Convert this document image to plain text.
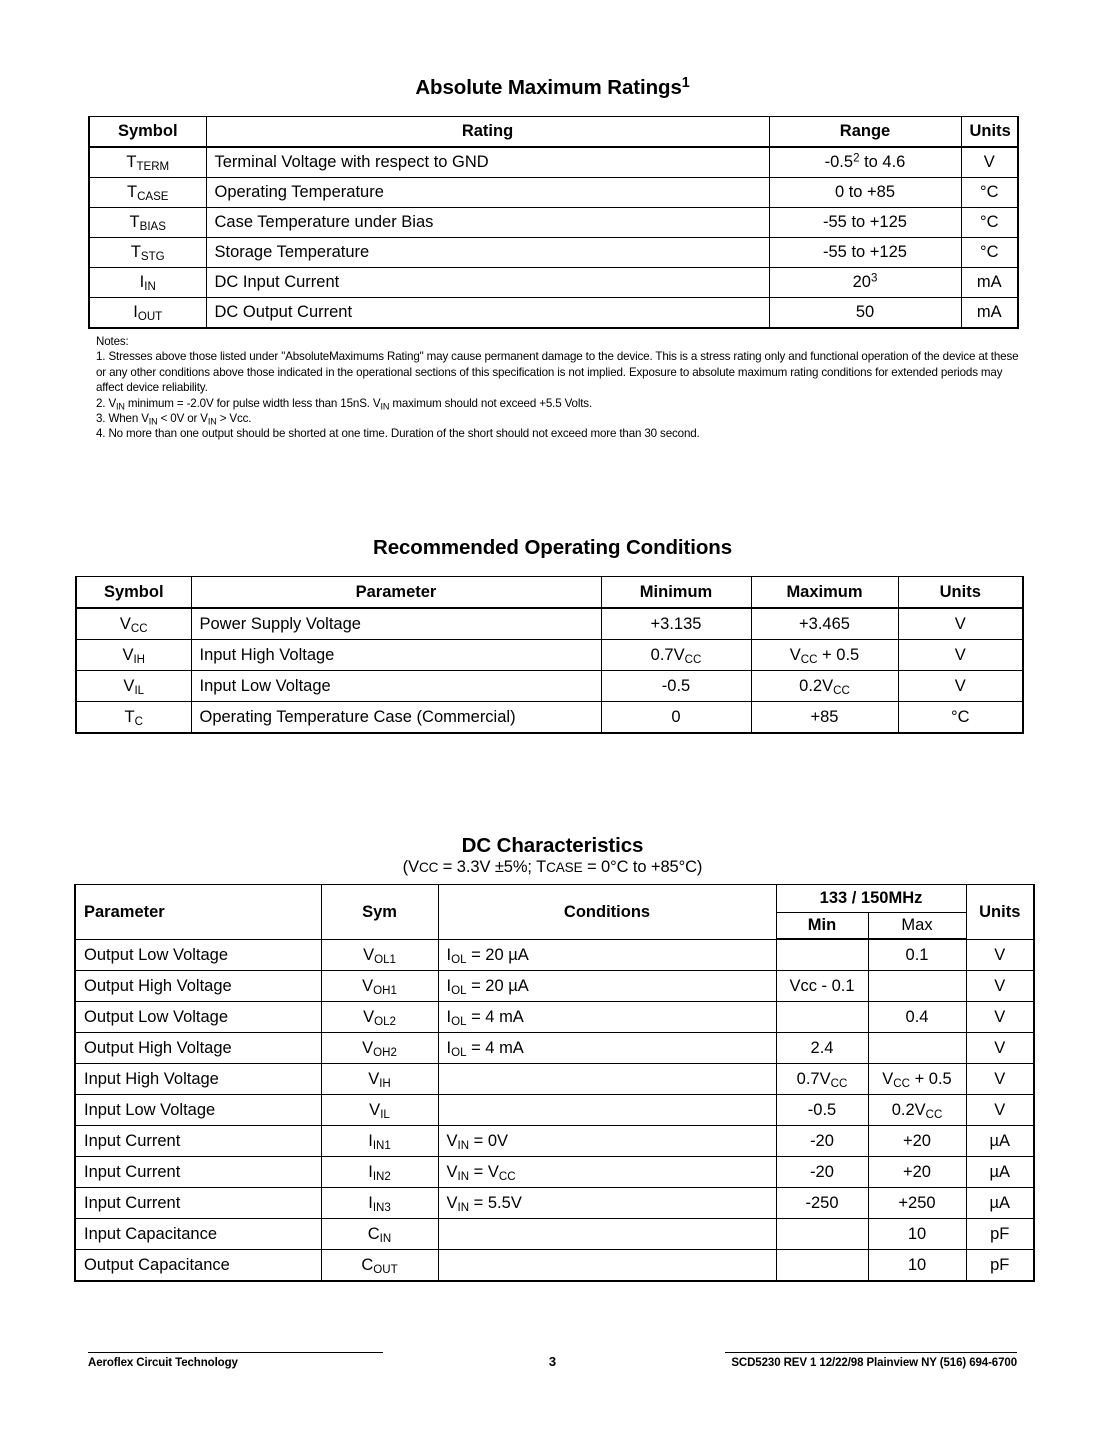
Absolute Maximum Ratings$^1$
Symbol	Rating	Range	Units

$T_{TERM}$	Terminal Voltage with respect to GND	$-0.5^2$ to 4.6	V

$T_{CASE}$	Operating Temperature	0 to +85	°C

$T_{BIAS}$	Case Temperature under Bias	-55 to +125	°C

$T_{STG}$	Storage Temperature	-55 to +125	°C

$I_{IN}$	DC Input Current	$20^3$	mA

$I_{OUT}$	DC Output Current	50	mA
Notes:
1. Stresses above those listed under "AbsoluteMaximums Rating" may cause permanent damage to the device. This is a stress rating only and functional operation of the device at these or any other conditions above those indicated in the operational sections of this specification is not implied. Exposure to absolute maximum rating conditions for extended periods may affect device reliability.
2. $V_{IN}$ minimum = -2.0V for pulse width less than 15nS. $V_{IN}$ maximum should not exceed +5.5 Volts.
3. When $V_{IN} < 0V$ or $V_{IN}$ > Vcc.
4. No more than one output should be shorted at one time. Duration of the short should not exceed more than 30 second.
Recommended Operating Conditions
Symbol	Parameter	Minimum	Maximum	Units

$V_{CC}$	Power Supply Voltage	+3.135	+3.465	V

$V_{IH}$	Input High Voltage	$0.7V_{CC}$	$V_{CC} + 0.5$	V

$V_{IL}$	Input Low Voltage	-0.5	$0.2V_{CC}$	V

$T_C$	Operating Temperature Case (Commercial)	0	+85	°C
DC Characteristics
(VCC = 3.3V ±5%; TCASE = 0°C to +85°C)
Parameter	Sym	Conditions	133 / 150MHz		Units

			Min	Max	

Output Low Voltage	$V_{OL1}$	$I_{OL} = 20$ µA		0.1	V

Output High Voltage	$V_{OH1}$	$I_{OL} = 20$ µA	Vcc - 0.1		V

Output Low Voltage	$V_{OL2}$	$I_{OL} = 4$ mA		0.4	V

Output High Voltage	$V_{OH2}$	$I_{OL} = 4$ mA	2.4		V

Input High Voltage	$V_{IH}$		$0.7V_{CC}$	$V_{CC} + 0.5$	V

Input Low Voltage	$V_{IL}$		-0.5	$0.2V_{CC}$	V

Input Current	$I_{IN1}$	$V_{IN} = 0V$	-20	+20	µA

Input Current	$I_{IN2}$	$V_{IN} = V_{CC}$	-20	+20	µA

Input Current	$I_{IN3}$	$V_{IN} = 5.5V$	-250	+250	µA

Input Capacitance	$C_{IN}$			10	pF

Output Capacitance	$C_{OUT}$			10	pF
Aeroflex Circuit Technology	3	SCD5230 REV 1 12/22/98 Plainview NY (516) 694-6700
